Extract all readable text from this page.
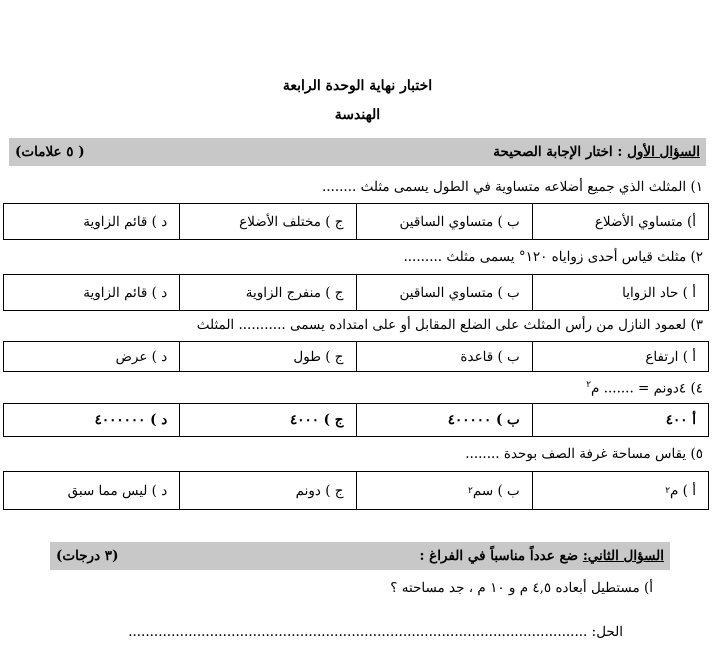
اختبار نهاية الوحدة الرابعة
الهندسة
السؤال الأول : اختار الإجابة الصحيحة
( ٥ علامات)
١) المثلث الذي جميع أضلاعه متساوية في الطول يسمى مثلث ........
أ) متساوي الأضلاع
ب ) متساوي الساقين
ج ) مختلف الأضلاع
د ) قائم الزاوية
٢) مثلث قياس أحدى زواياه ١٢٠° يسمى مثلث .........
أ ) حاد الزوايا
ب ) متساوي الساقين
ج ) منفرج الزاوية
د ) قائم الزاوية
٣) لعمود النازل من رأس المثلث على الضلع المقابل أو على امتداده يسمى ........... المثلث
أ ) ارتفاع
ب ) قاعدة
ج ) طول
د ) عرض
٤) ٤دونم = ....... م$^٢$
أ ٤٠٠
ب ) ٤٠٠٠٠٠
ج ) ٤٠٠٠
د ) ٤٠٠٠٠٠٠
٥) يقاس مساحة غرفة الصف بوحدة ........
أ ) م
٢
ب ) سم
٢
ج ) دونم
د ) ليس مما سبق
السؤال الثاني: ضع عدداً مناسباً في الفراغ :
(٣ درجات)
أ) مستطيل أبعاده ٤,٥ م و ١٠ م ، جد مساحته ؟
الحل: ...........................................................................................................
